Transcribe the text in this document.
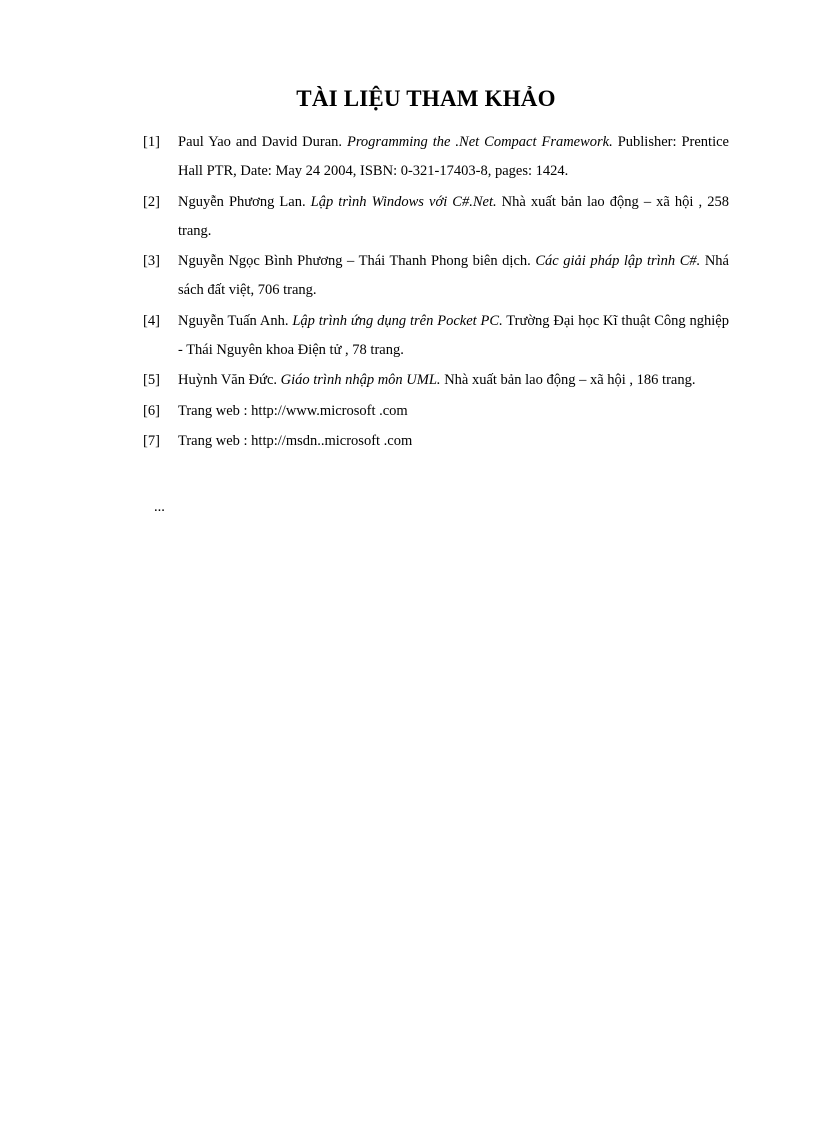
TÀI LIỆU THAM KHẢO
[1] Paul Yao and David Duran. Programming the .Net Compact Framework. Publisher: Prentice Hall PTR, Date: May 24 2004, ISBN: 0-321-17403-8, pages: 1424.
[2] Nguyễn Phương Lan. Lập trình Windows với C#.Net. Nhà xuất bản lao động – xã hội , 258 trang.
[3] Nguyễn Ngọc Bình Phương – Thái Thanh Phong biên dịch. Các giải pháp lập trình C#. Nhá sách đất việt, 706 trang.
[4] Nguyễn Tuấn Anh. Lập trình ứng dụng trên Pocket PC. Trường Đại học Kĩ thuật Công nghiệp - Thái Nguyên khoa Điện tử , 78 trang.
[5] Huỳnh Văn Đức. Giáo trình nhập môn UML. Nhà xuất bản lao động – xã hội , 186 trang.
[6] Trang web : http://www.microsoft .com
[7] Trang web : http://msdn..microsoft .com
...
